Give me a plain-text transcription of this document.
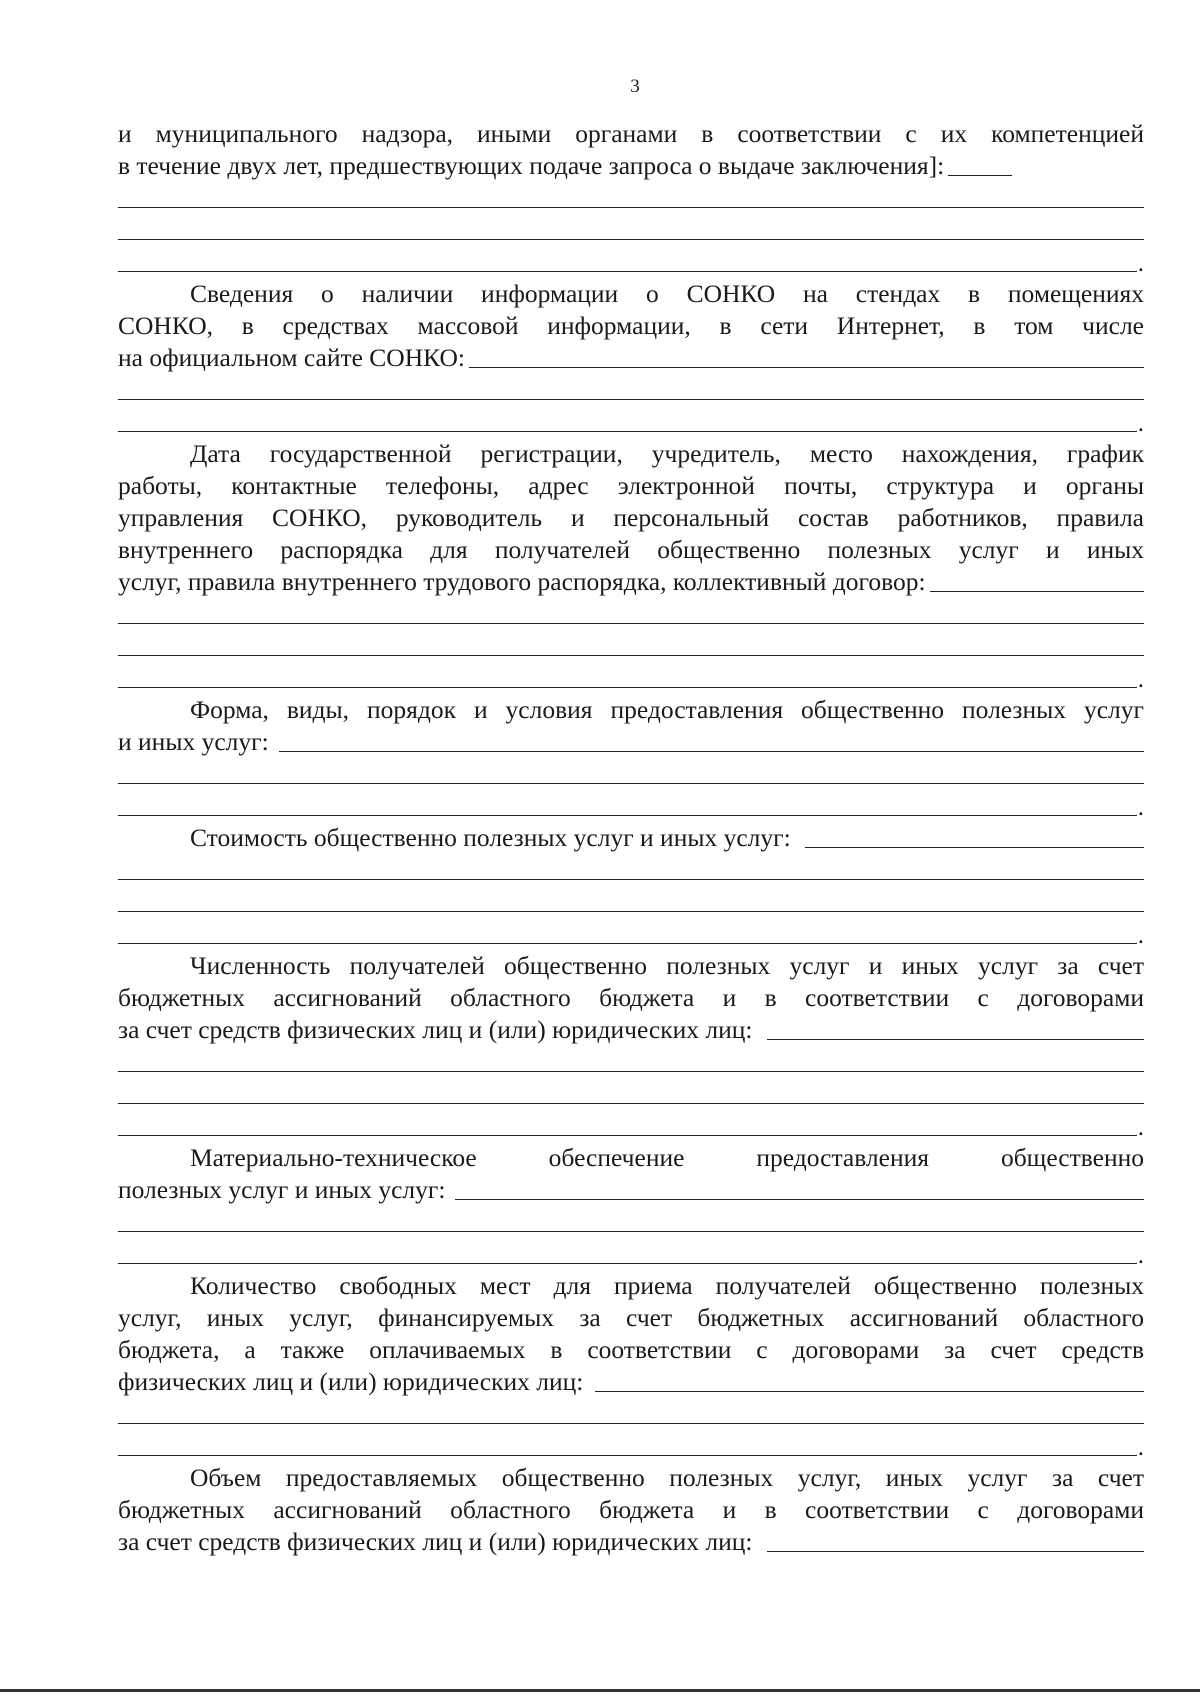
3
и муниципального надзора, иными органами в соответствии с их компетенцией
в течение двух лет, предшествующих подаче запроса о выдаче заключения]:
.
Сведения о наличии информации о СОНКО на стендах в помещениях
СОНКО, в средствах массовой информации, в сети Интернет, в том числе
на официальном сайте СОНКО:
.
Дата государственной регистрации, учредитель, место нахождения, график
работы, контактные телефоны, адрес электронной почты, структура и органы
управления СОНКО, руководитель и персональный состав работников, правила
внутреннего распорядка для получателей общественно полезных услуг и иных
услуг, правила внутреннего трудового распорядка, коллективный договор:
.
Форма, виды, порядок и условия предоставления общественно полезных услуг
и иных услуг:
.
Стоимость общественно полезных услуг и иных услуг:
.
Численность получателей общественно полезных услуг и иных услуг за счет
бюджетных ассигнований областного бюджета и в соответствии с договорами
за счет средств физических лиц и (или) юридических лиц:
.
Материально-техническое обеспечение предоставления общественно
полезных услуг и иных услуг:
.
Количество свободных мест для приема получателей общественно полезных
услуг, иных услуг, финансируемых за счет бюджетных ассигнований областного
бюджета, а также оплачиваемых в соответствии с договорами за счет средств
физических лиц и (или) юридических лиц:
.
Объем предоставляемых общественно полезных услуг, иных услуг за счет
бюджетных ассигнований областного бюджета и в соответствии с договорами
за счет средств физических лиц и (или) юридических лиц:
